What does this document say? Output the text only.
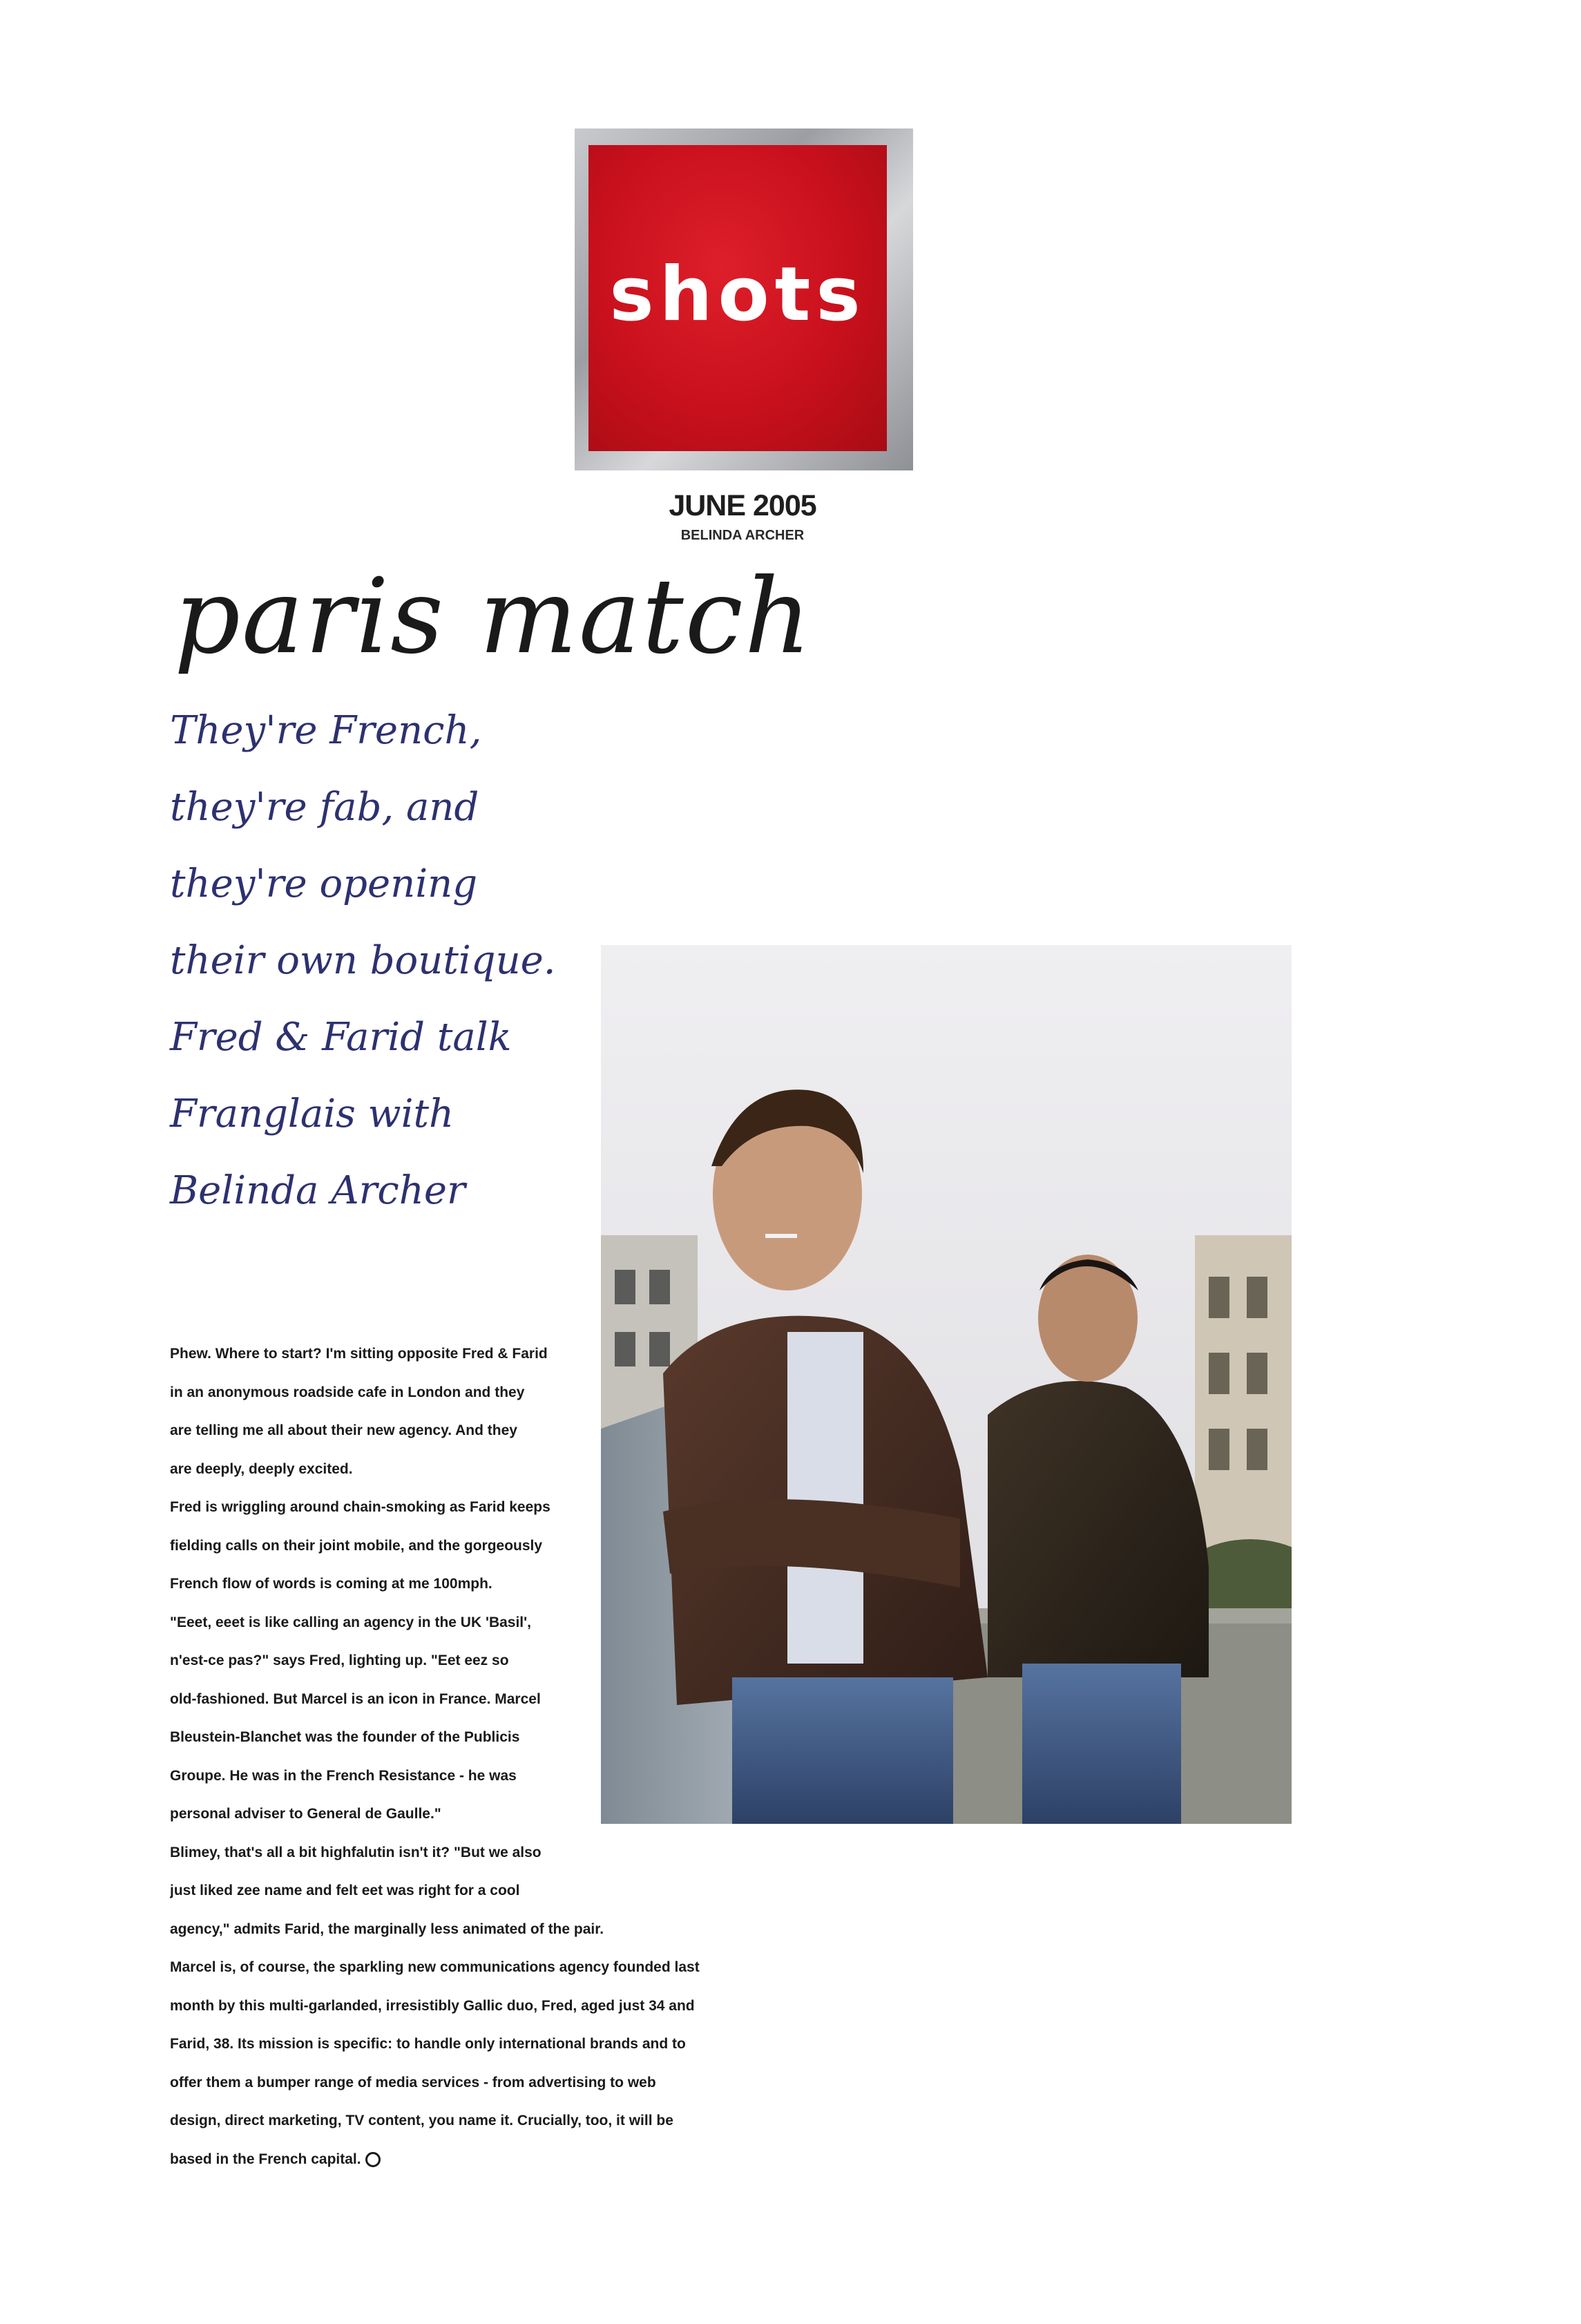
shots
JUNE 2005
BELINDA ARCHER
paris match
They're French,
they're fab, and
they're opening
their own boutique.
Fred & Farid talk
Franglais with
Belinda Archer
Phew. Where to start? I'm sitting opposite Fred & Farid
in an anonymous roadside cafe in London and they
are telling me all about their new agency. And they
are deeply, deeply excited.
Fred is wriggling around chain-smoking as Farid keeps
fielding calls on their joint mobile, and the gorgeously
French flow of words is coming at me 100mph.
"Eeet, eeet is like calling an agency in the UK 'Basil',
n'est-ce pas?" says Fred, lighting up. "Eet eez so
old-fashioned. But Marcel is an icon in France. Marcel
Bleustein-Blanchet was the founder of the Publicis
Groupe. He was in the French Resistance - he was
personal adviser to General de Gaulle."
Blimey, that's all a bit highfalutin isn't it? "But we also
just liked zee name and felt eet was right for a cool
agency," admits Farid, the marginally less animated of the pair.
Marcel is, of course, the sparkling new communications agency founded last
month by this multi-garlanded, irresistibly Gallic duo, Fred, aged just 34 and
Farid, 38. Its mission is specific: to handle only international brands and to
offer them a bumper range of media services - from advertising to web
design, direct marketing, TV content, you name it. Crucially, too, it will be
based in the French capital.
